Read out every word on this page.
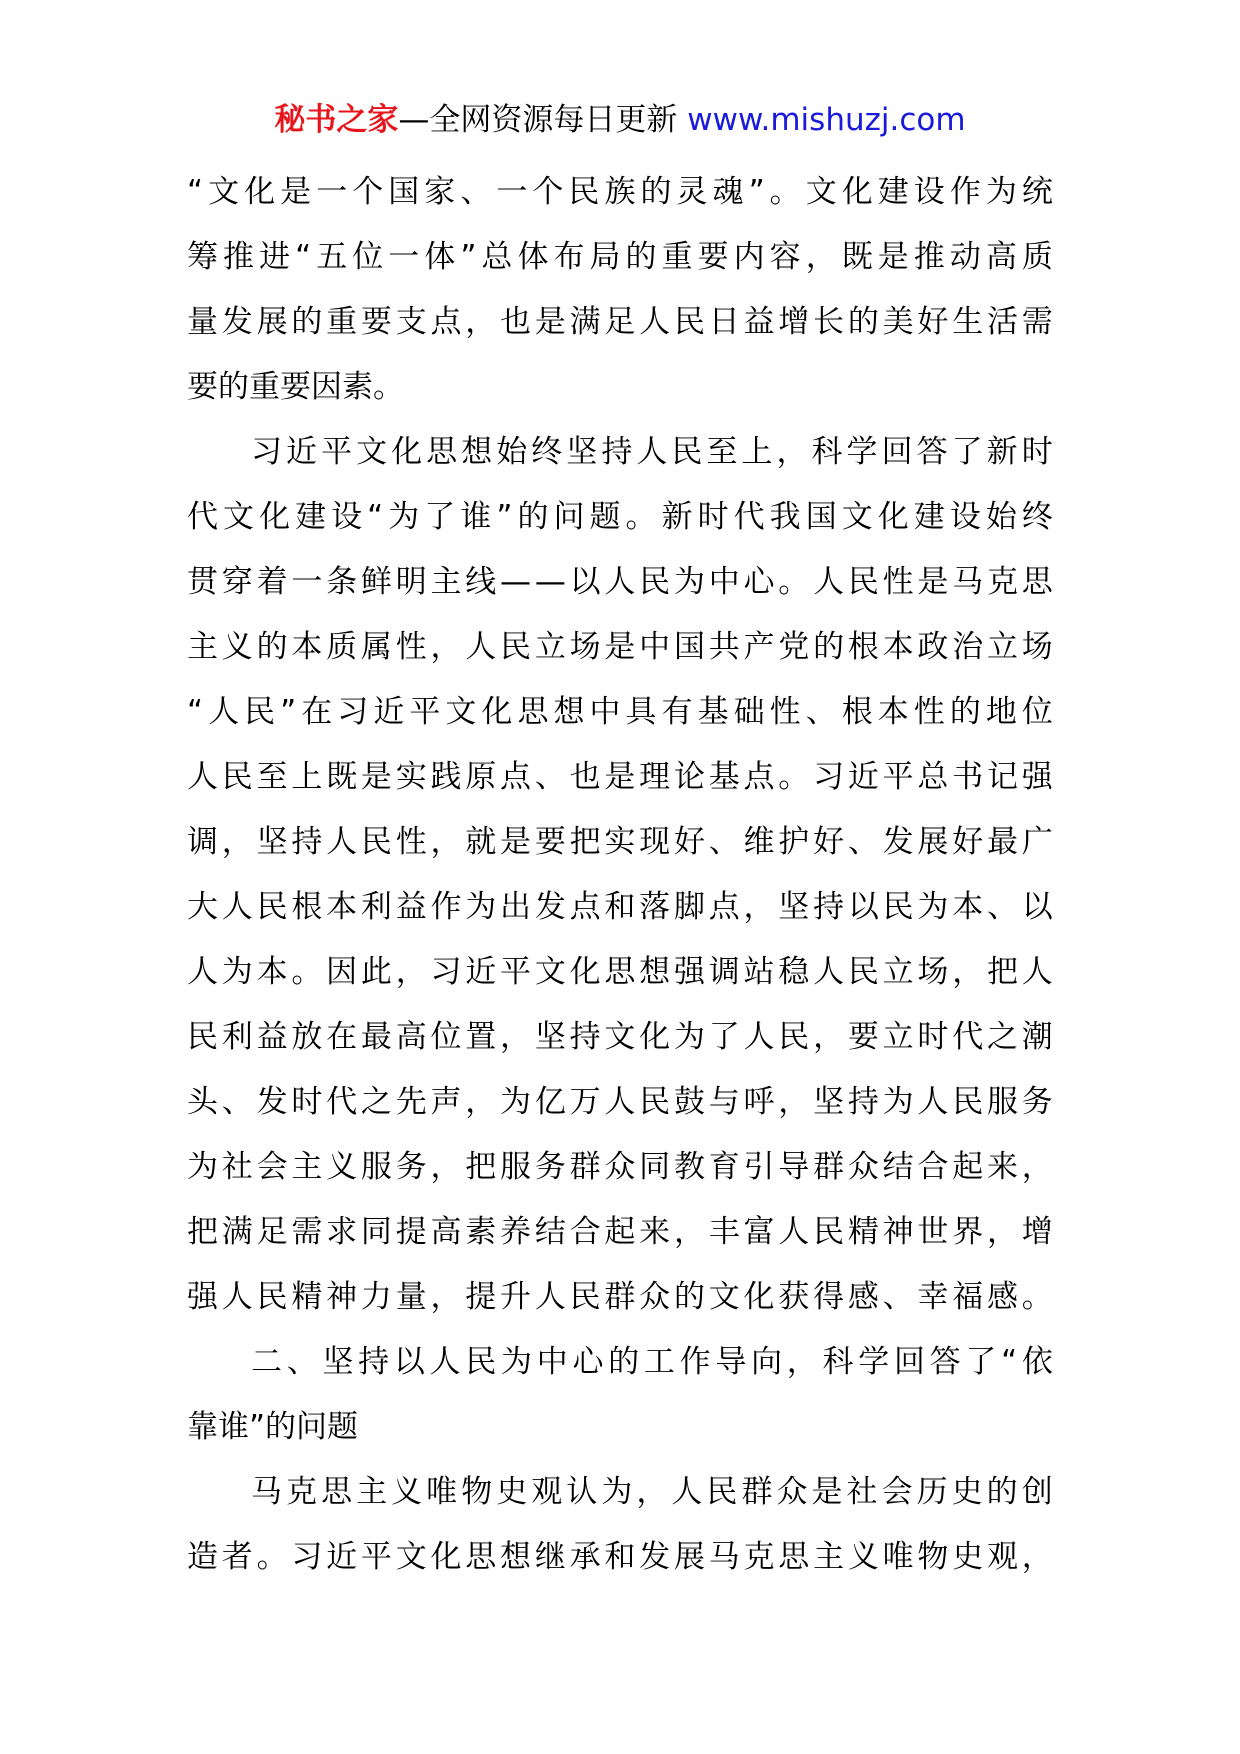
秘书之家—全网资源每日更新 www.mishuzj.com
“ 文 化 是 一 个 国 家 、 一 个 民 族 的 灵 魂 ” 。 文 化 建 设 作 为 统
筹 推 进 “ 五 位 一 体 ” 总 体 布 局 的 重 要 内 容 ， 既 是 推 动 高 质
量 发 展 的 重 要 支 点 ， 也 是 满 足 人 民 日 益 增 长 的 美 好 生 活 需
要的重要因素。
习 近 平 文 化 思 想 始 终 坚 持 人 民 至 上 ， 科 学 回 答 了 新 时
代 文 化 建 设 “ 为 了 谁 ” 的 问 题 。 新 时 代 我 国 文 化 建 设 始 终
贯 穿 着 一 条 鲜 明 主 线 — — 以 人 民 为 中 心 。 人 民 性 是 马 克 思
主 义 的 本 质 属 性 ， 人 民 立 场 是 中 国 共 产 党 的 根 本 政 治 立 场
“ 人 民 ” 在 习 近 平 文 化 思 想 中 具 有 基 础 性 、 根 本 性 的 地 位
人 民 至 上 既 是 实 践 原 点 、 也 是 理 论 基 点 。 习 近 平 总 书 记 强
调 ， 坚 持 人 民 性 ， 就 是 要 把 实 现 好 、 维 护 好 、 发 展 好 最 广
大 人 民 根 本 利 益 作 为 出 发 点 和 落 脚 点 ， 坚 持 以 民 为 本 、 以
人 为 本 。 因 此 ， 习 近 平 文 化 思 想 强 调 站 稳 人 民 立 场 ， 把 人
民 利 益 放 在 最 高 位 置 ， 坚 持 文 化 为 了 人 民 ， 要 立 时 代 之 潮
头 、 发 时 代 之 先 声 ， 为 亿 万 人 民 鼓 与 呼 ， 坚 持 为 人 民 服 务
为 社 会 主 义 服 务 ， 把 服 务 群 众 同 教 育 引 导 群 众 结 合 起 来 ，
把 满 足 需 求 同 提 高 素 养 结 合 起 来 ， 丰 富 人 民 精 神 世 界 ， 增
强 人 民 精 神 力 量 ， 提 升 人 民 群 众 的 文 化 获 得 感 、 幸 福 感 。
二 、 坚 持 以 人 民 为 中 心 的 工 作 导 向 ， 科 学 回 答 了 “ 依
靠谁”的问题
马 克 思 主 义 唯 物 史 观 认 为 ， 人 民 群 众 是 社 会 历 史 的 创
造 者 。 习 近 平 文 化 思 想 继 承 和 发 展 马 克 思 主 义 唯 物 史 观 ，
